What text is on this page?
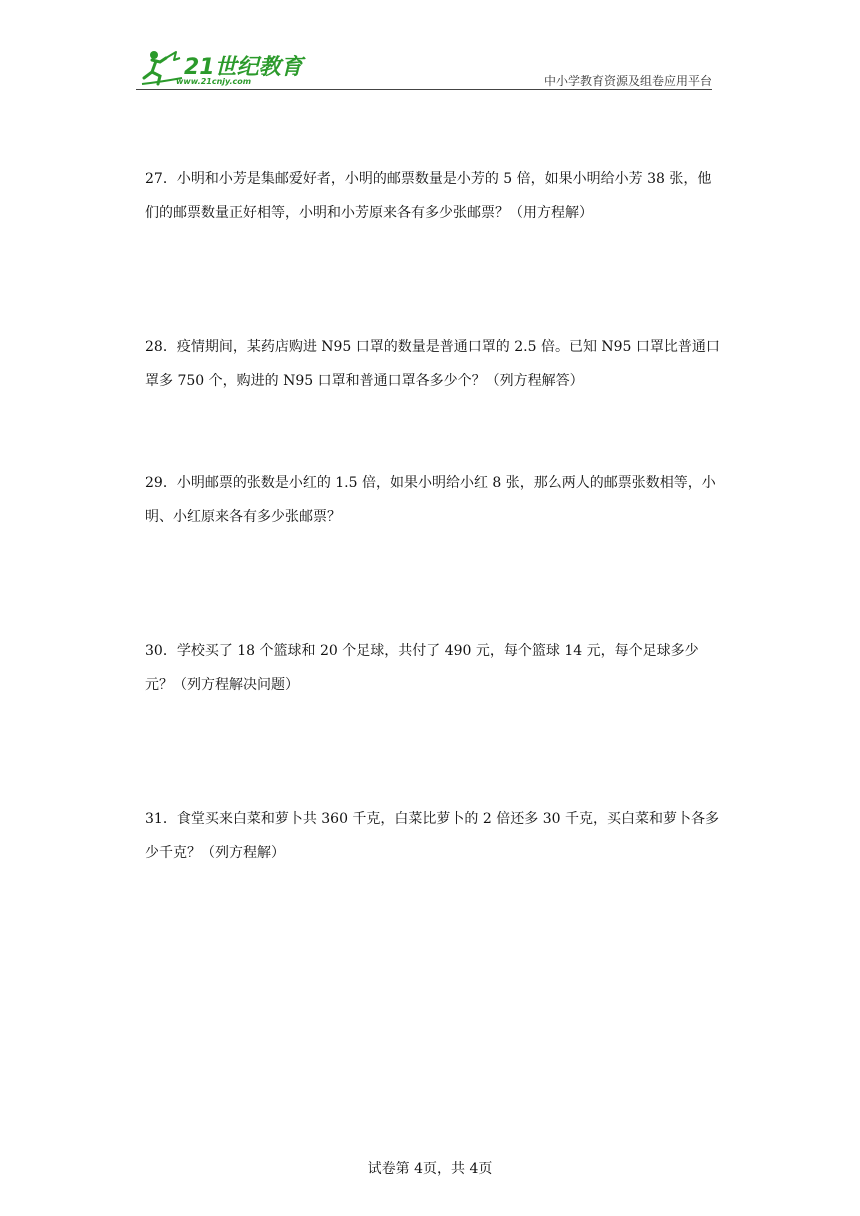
21世纪教育
www.21cnjy.com	中小学教育资源及组卷应用平台
27．小明和小芳是集邮爱好者，小明的邮票数量是小芳的 5 倍，如果小明给小芳 38 张，他们的邮票数量正好相等，小明和小芳原来各有多少张邮票？（用方程解）
28．疫情期间，某药店购进 N95 口罩的数量是普通口罩的 2.5 倍。已知 N95 口罩比普通口罩多 750 个，购进的 N95 口罩和普通口罩各多少个？（列方程解答）
29．小明邮票的张数是小红的 1.5 倍，如果小明给小红 8 张，那么两人的邮票张数相等，小明、小红原来各有多少张邮票？
30．学校买了 18 个篮球和 20 个足球，共付了 490 元，每个篮球 14 元，每个足球多少元？（列方程解决问题）
31．食堂买来白菜和萝卜共 360 千克，白菜比萝卜的 2 倍还多 30 千克，买白菜和萝卜各多少千克？（列方程解）
试卷第 4页，共 4页
